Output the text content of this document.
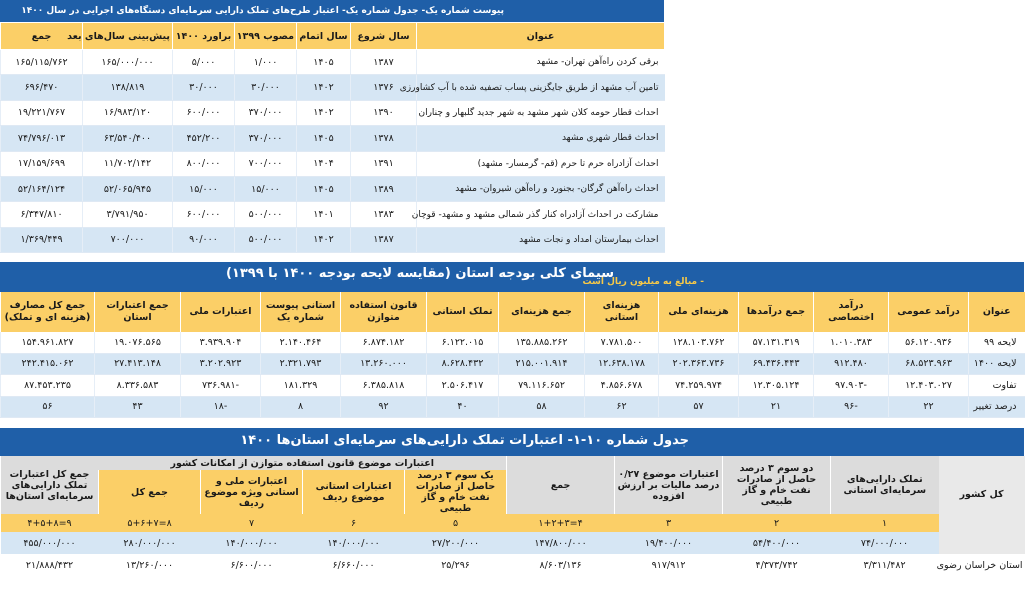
پیوست شماره یک- جدول شماره یک- اعتبار طرح‌های تملک دارایی سرمایه‌ای دستگاه‌های اجرایی در سال ۱۴۰۰
عنوان	سال شروع	سال اتمام	مصوب ۱۳۹۹	براورد ۱۴۰۰	پیش‌بینی سال‌های بعد	جمع
برقی کردن راه‌آهن تهران- مشهد	۱۳۸۷	۱۴۰۵	۱/۰۰۰	۵/۰۰۰	۱۶۵/۰۰۰/۰۰۰	۱۶۵/۱۱۵/۷۶۲
تامین آب مشهد از طریق جایگزینی پساب تصفیه شده با آب کشاورزی	۱۳۷۶	۱۴۰۲	۳۰/۰۰۰	۳۰/۰۰۰	۱۳۸/۸۱۹	۶۹۶/۴۷۰
احداث قطار حومه کلان شهر مشهد به شهر جدید گلبهار و چناران	۱۳۹۰	۱۴۰۲	۳۷۰/۰۰۰	۶۰۰/۰۰۰	۱۶/۹۸۳/۱۲۰	۱۹/۲۲۱/۷۶۷
احداث قطار شهری مشهد	۱۳۷۸	۱۴۰۵	۳۷۰/۰۰۰	۴۵۲/۲۰۰	۶۳/۵۴۰/۴۰۰	۷۴/۷۹۶/۰۱۳
احداث آزادراه حرم تا حرم (قم- گرمسار- مشهد)	۱۳۹۱	۱۴۰۴	۷۰۰/۰۰۰	۸۰۰/۰۰۰	۱۱/۷۰۲/۱۴۲	۱۷/۱۵۹/۶۹۹
احداث راه‌آهن گرگان- بجنورد و راه‌آهن شیروان- مشهد	۱۳۸۹	۱۴۰۵	۱۵/۰۰۰	۱۵/۰۰۰	۵۲/۰۶۵/۹۴۵	۵۲/۱۶۴/۱۲۴
مشارکت در احداث آزادراه کنار گذر شمالی مشهد و مشهد- قوچان	۱۳۸۳	۱۴۰۱	۵۰۰/۰۰۰	۶۰۰/۰۰۰	۳/۷۹۱/۹۵۰	۶/۳۴۷/۸۱۰
احداث بیمارستان امداد و نجات مشهد	۱۳۸۷	۱۴۰۲	۵۰۰/۰۰۰	۹۰/۰۰۰	۷۰۰/۰۰۰	۱/۳۶۹/۴۴۹
سیمای کلی بودجه استان (مقایسه لایحه بودجه ۱۴۰۰ با ۱۳۹۹)
- مبالغ به میلیون ریال است
عنوان	درآمد عمومی	درآمد اختصاصی	جمع درآمدها	هزینه‌ای ملی	هزینه‌ای استانی	جمع هزینه‌ای	تملک استانی	قانون استفاده متوازن	استانی پیوست شماره یک	اعتبارات ملی	جمع اعتبارات استان	جمع کل مصارف (هزینه ای و تملک)
لایحه ۹۹	۵۶.۱۲۰.۹۳۶	۱.۰۱۰.۳۸۳	۵۷.۱۳۱.۳۱۹	۱۲۸.۱۰۳.۷۶۲	۷.۷۸۱.۵۰۰	۱۳۵.۸۸۵.۲۶۲	۶.۱۲۲.۰۱۵	۶.۸۷۴.۱۸۲	۲.۱۴۰.۴۶۴	۳.۹۳۹.۹۰۴	۱۹.۰۷۶.۵۶۵	۱۵۴.۹۶۱.۸۲۷
لایحه ۱۴۰۰	۶۸.۵۲۳.۹۶۳	۹۱۲.۴۸۰	۶۹.۴۳۶.۴۴۳	۲۰۲.۳۶۳.۷۳۶	۱۲.۶۳۸.۱۷۸	۲۱۵.۰۰۱.۹۱۴	۸.۶۲۸.۴۳۲	۱۳.۲۶۰.۰۰۰	۲.۳۲۱.۷۹۳	۳.۲۰۲.۹۲۳	۲۷.۴۱۳.۱۴۸	۲۴۲.۴۱۵.۰۶۲
تفاوت	۱۲.۴۰۳.۰۲۷	-۹۷.۹۰۳	۱۲.۳۰۵.۱۲۴	۷۴.۲۵۹.۹۷۴	۴.۸۵۶.۶۷۸	۷۹.۱۱۶.۶۵۲	۲.۵۰۶.۴۱۷	۶.۳۸۵.۸۱۸	۱۸۱.۳۲۹	-۷۳۶.۹۸۱	۸.۳۳۶.۵۸۳	۸۷.۴۵۳.۲۳۵
درصد تغییر	۲۲	-۹۶	۲۱	۵۷	۶۲	۵۸	۴۰	۹۲	۸	-۱۸	۴۳	۵۶
جدول شماره ۱۰-۱- اعتبارات تملک دارایی‌های سرمایه‌ای استان‌ها ۱۴۰۰
کل کشور	تملک دارایی‌های سرمایه‌ای استانی	دو سوم ۳ درصد حاصل از صادرات نفت خام و گاز طبیعی	اعتبارات موضوع ۰/۲۷ درصد مالیات بر ارزش افزوده	جمع	اعتبارات موضوع قانون استفاده متوازن از امکانات کشور				جمع کل اعتبارات تملک دارایی‌های سرمایه‌ای استان‌ها
					یک سوم ۳ درصد حاصل از صادرات نفت خام و گاز طبیعی	اعتبارات استانی موضوع ردیف	اعتبارات ملی و استانی ویژه موضوع ردیف	جمع کل	
	۱	۲	۳	۴=۱+۲+۳	۵	۶	۷	۸=۵+۶+۷	۹=۴+۵+۸
	۷۴/۰۰۰/۰۰۰	۵۴/۴۰۰/۰۰۰	۱۹/۴۰۰/۰۰۰	۱۴۷/۸۰۰/۰۰۰	۲۷/۲۰۰/۰۰۰	۱۴۰/۰۰۰/۰۰۰	۱۴۰/۰۰۰/۰۰۰	۲۸۰/۰۰۰/۰۰۰	۴۵۵/۰۰۰/۰۰۰
استان خراسان رضوی	۳/۳۱۱/۴۸۲	۴/۳۷۳/۷۴۲	۹۱۷/۹۱۲	۸/۶۰۳/۱۳۶	۲۵/۲۹۶	۶/۶۶۰/۰۰۰	۶/۶۰۰/۰۰۰	۱۳/۲۶۰/۰۰۰	۲۱/۸۸۸/۴۳۲
